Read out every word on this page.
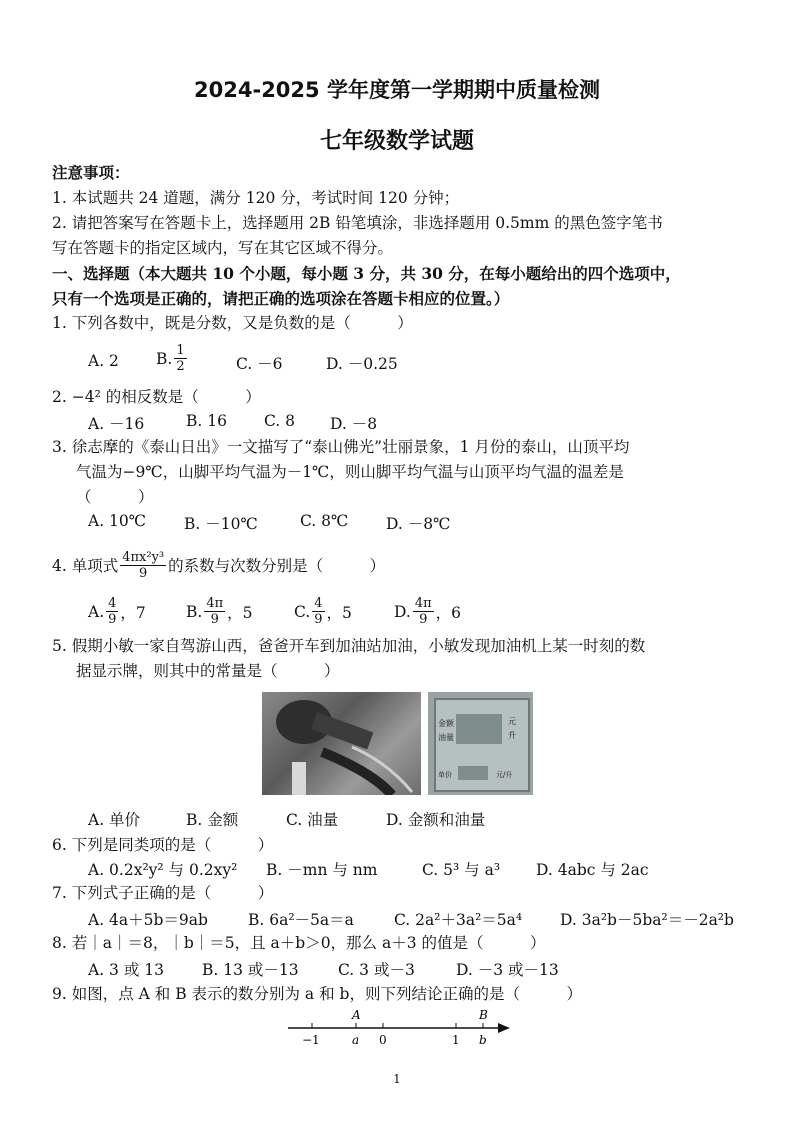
2024-2025 学年度第一学期期中质量检测
七年级数学试题
注意事项：
1. 本试题共 24 道题，满分 120 分，考试时间 120 分钟；
2. 请把答案写在答题卡上，选择题用 2B 铅笔填涂，非选择题用 0.5mm 的黑色签字笔书
写在答题卡的指定区域内，写在其它区域不得分。
一、选择题（本大题共 10 个小题，每小题 3 分，共 30 分，在每小题给出的四个选项中，
只有一个选项是正确的，请把正确的选项涂在答题卡相应的位置。）
1. 下列各数中，既是分数，又是负数的是（　　　）
A. 2 B. $\frac{1}{2}$	C. －6	D. －0.25
2. −4² 的相反数是（　　　）
A. －16	B. 16 C. 8 D. －8
3. 徐志摩的《泰山日出》一文描写了“泰山佛光”壮丽景象，1 月份的泰山，山顶平均
气温为−9℃，山脚平均气温为－1℃，则山脚平均气温与山顶平均气温的温差是
（　　　）
A. 10℃ B. －10℃	C. 8℃ D. －8℃
4. 单项式 $\frac{\text{4πx²y³}}{9}$ 的系数与次数分别是（　　　）
A. $\frac{4}{9}$ ，7	B. $\frac{4\pi}{9}$ ，5	C. $\frac{4}{9}$ ，5	D. $\frac{4\pi}{9}$ ，6
5. 假期小敏一家自驾游山西，爸爸开车到加油站加油，小敏发现加油机上某一时刻的数
据显示牌，则其中的常量是（　　　）
金额
油量
元
升
单价	元/升
A. 单价	B. 金额	C. 油量	D. 金额和油量
6. 下列是同类项的是（　　　）
A. 0.2x²y² 与 0.2xy² B. －mn 与 nm	C. 5³ 与 a³ D. 4abc 与 2ac
7. 下列式子正确的是（　　　）
A. 4a＋5b＝9ab	B. 6a²－5a＝a	C. 2a²＋3a²＝5a⁴ D. 3a²b－5ba²＝－2a²b
8. 若｜a｜＝8，｜b｜＝5，且 a＋b＞0，那么 a＋3 的值是（　　　）
A. 3 或 13 B. 13 或－13	C. 3 或－3	D. －3 或－13
9. 如图，点 A 和 B 表示的数分别为 a 和 b，则下列结论正确的是（　　　）
A	B
−1	a 0	1 b
1
